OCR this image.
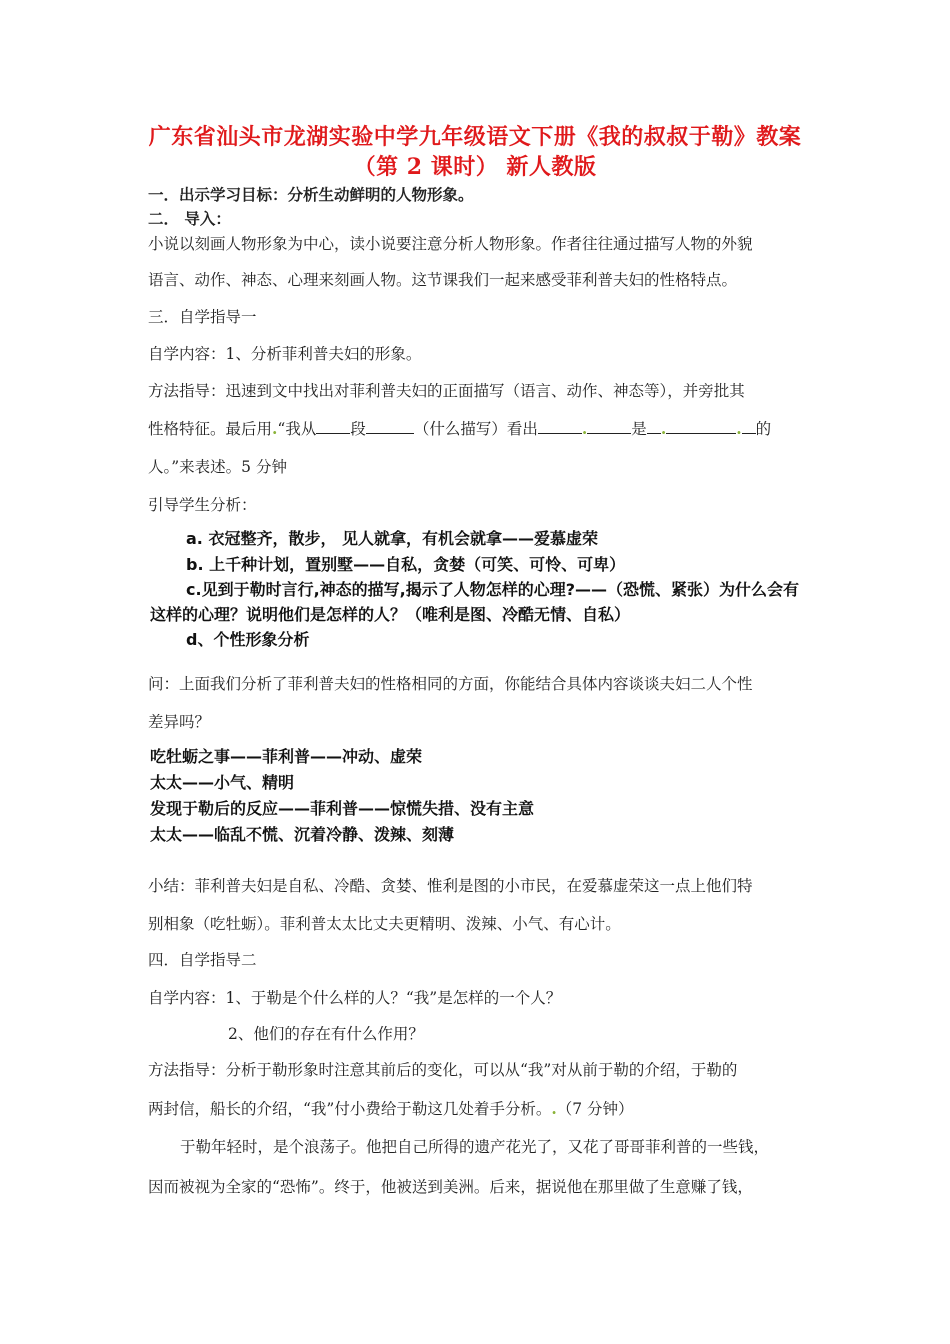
广东省汕头市龙湖实验中学九年级语文下册《我的叔叔于勒》教案
（第 2 课时） 新人教版
一．出示学习目标：分析生动鲜明的人物形象。
二． 导入：
小说以刻画人物形象为中心，读小说要注意分析人物形象。作者往往通过描写人物的外貌
语言、动作、神态、心理来刻画人物。这节课我们一起来感受菲利普夫妇的性格特点。
三．自学指导一
自学内容：1、分析菲利普夫妇的形象。
方法指导：迅速到文中找出对菲利普夫妇的正面描写（语言、动作、神态等），并旁批其
性格特征。最后用.“我从 段	（什么描写）看出	.	是 .	. 的
人。”来表述。5 分钟
引导学生分析：
a. 衣冠整齐，散步， 见人就拿，有机会就拿——爱慕虚荣
b. 上千种计划，置别墅——自私，贪婪（可笑、可怜、可卑）
c.见到于勒时言行,神态的描写,揭示了人物怎样的心理?——（恐慌、紧张）为什么会有
这样的心理？说明他们是怎样的人？（唯利是图、冷酷无情、自私）
d、个性形象分析
问：上面我们分析了菲利普夫妇的性格相同的方面，你能结合具体内容谈谈夫妇二人个性
差异吗？
吃牡蛎之事——菲利普——冲动、虚荣
太太——小气、精明
发现于勒后的反应——菲利普——惊慌失措、没有主意
太太——临乱不慌、沉着冷静、泼辣、刻薄
小结：菲利普夫妇是自私、冷酷、贪婪、惟利是图的小市民，在爱慕虚荣这一点上他们特
别相象（吃牡蛎）。菲利普太太比丈夫更精明、泼辣、小气、有心计。
四．自学指导二
自学内容：1、于勒是个什么样的人？“我”是怎样的一个人？
2、他们的存在有什么作用？
方法指导：分析于勒形象时注意其前后的变化，可以从“我”对从前于勒的介绍，于勒的
两封信，船长的介绍，“我”付小费给于勒这几处着手分析。.（7 分钟）
于勒年轻时，是个浪荡子。他把自己所得的遗产花光了，又花了哥哥菲利普的一些钱，
因而被视为全家的“恐怖”。终于，他被送到美洲。后来，据说他在那里做了生意赚了钱，
